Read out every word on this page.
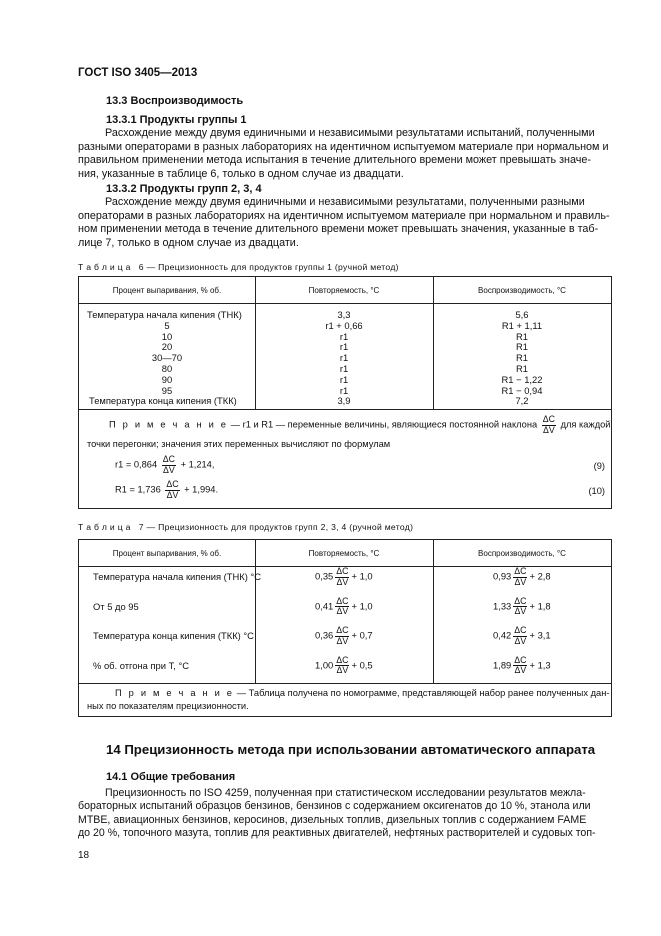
ГОСТ ISO 3405—2013
13.3 Воспроизводимость
13.3.1 Продукты группы 1
Расхождение между двумя единичными и независимыми результатами испытаний, полученными
разными операторами в разных лабораториях на идентичном испытуемом материале при нормальном и
правильном применении метода испытания в течение длительного времени может превышать значе-
ния, указанные в таблице 6, только в одном случае из двадцати.
13.3.2 Продукты групп 2, 3, 4
Расхождение между двумя единичными и независимыми результатами, полученными разными
операторами в разных лабораториях на идентичном испытуемом материале при нормальном и правиль-
ном применении метода в течение длительного времени может превышать значения, указанные в таб-
лице 7, только в одном случае из двадцати.
Т а б л и ц а 6 — Прецизионность для продуктов группы 1 (ручной метод)
Процент выпаривания, % об.	Повторяемость, °С	Воспроизводимость, °С
Температура начала кипения (ТНК)	3,3	5,6
5	r1 + 0,66	R1 + 1,11
10	r1	R1
20	r1	R1
30—70	r1	R1
80	r1	R1
90	r1	R1 − 1,22
95	r1	R1 − 0,94
Температура конца кипения (ТКК)	3,9	7,2
П р и м е ч а н и е — r1 и R1 — переменные величины, являющиеся постоянной наклона $\frac{\Delta C}{\Delta V}$ для каждой
точки перегонки; значения этих переменных вычисляют по формулам
$r1 = 0,864 \frac{\Delta C}{\Delta V} + 1,214$,	(9)
$R1 = 1,736 \frac{\Delta C}{\Delta V} + 1,994$.	(10)
Т а б л и ц а 7 — Прецизионность для продуктов групп 2, 3, 4 (ручной метод)
Процент выпаривания, % об.	Повторяемость, °С	Воспроизводимость, °С
Температура начала кипения (ТНК) °С	$0,35 \frac{\Delta C}{\Delta V} + 1,0$	$0,93 \frac{\Delta C}{\Delta V} + 2,8$
От 5 до 95	$0,41 \frac{\Delta C}{\Delta V} + 1,0$	$1,33 \frac{\Delta C}{\Delta V} + 1,8$
Температура конца кипения (ТКК) °С	$0,36 \frac{\Delta C}{\Delta V} + 0,7$	$0,42 \frac{\Delta C}{\Delta V} + 3,1$
% об. отгона при T, °С	$1,00 \frac{\Delta C}{\Delta V} + 0,5$	$1,89 \frac{\Delta C}{\Delta V} + 1,3$
П р и м е ч а н и е — Таблица получена по номограмме, представляющей набор ранее полученных дан-
ных по показателям прецизионности.
14 Прецизионность метода при использовании автоматического аппарата
14.1 Общие требования
Прецизионность по ISO 4259, полученная при статистическом исследовании результатов межла-
бораторных испытаний образцов бензинов, бензинов с содержанием оксигенатов до 10 %, этанола или
МТВЕ, авиационных бензинов, керосинов, дизельных топлив, дизельных топлив с содержанием FAME
до 20 %, топочного мазута, топлив для реактивных двигателей, нефтяных растворителей и судовых топ-
18
